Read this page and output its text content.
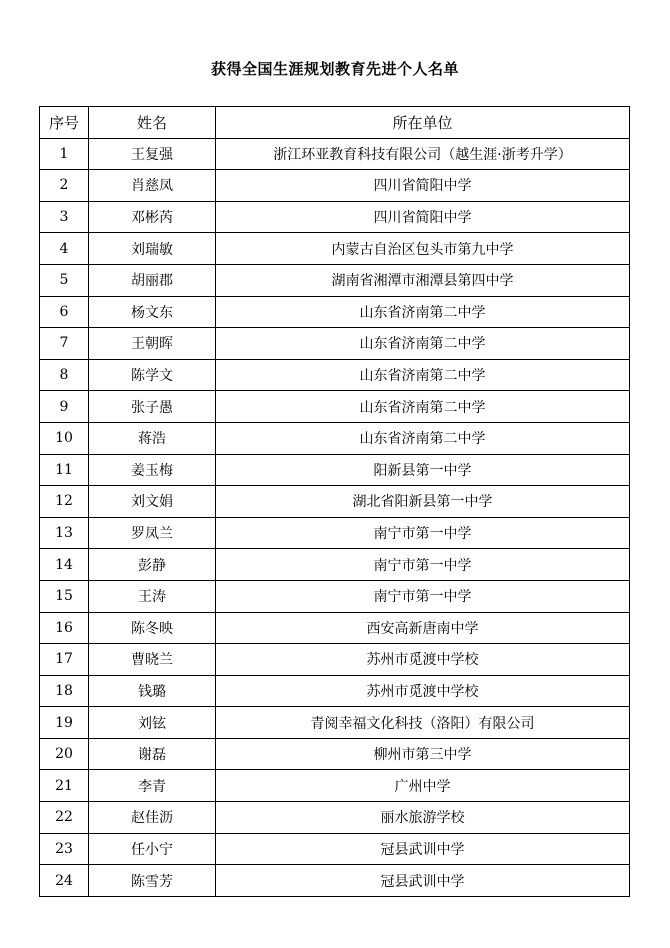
获得全国生涯规划教育先进个人名单
序号	姓名	所在单位
1	王复强	浙江环亚教育科技有限公司（越生涯·浙考升学）
2	肖慈凤	四川省简阳中学
3	邓彬芮	四川省简阳中学
4	刘瑞敏	内蒙古自治区包头市第九中学
5	胡丽郡	湖南省湘潭市湘潭县第四中学
6	杨文东	山东省济南第二中学
7	王朝晖	山东省济南第二中学
8	陈学文	山东省济南第二中学
9	张子愚	山东省济南第二中学
10	蒋浩	山东省济南第二中学
11	姜玉梅	阳新县第一中学
12	刘文娟	湖北省阳新县第一中学
13	罗凤兰	南宁市第一中学
14	彭静	南宁市第一中学
15	王涛	南宁市第一中学
16	陈冬映	西安高新唐南中学
17	曹晓兰	苏州市觅渡中学校
18	钱璐	苏州市觅渡中学校
19	刘铉	青阅幸福文化科技（洛阳）有限公司
20	谢磊	柳州市第三中学
21	李青	广州中学
22	赵佳沥	丽水旅游学校
23	任小宁	冠县武训中学
24	陈雪芳	冠县武训中学
